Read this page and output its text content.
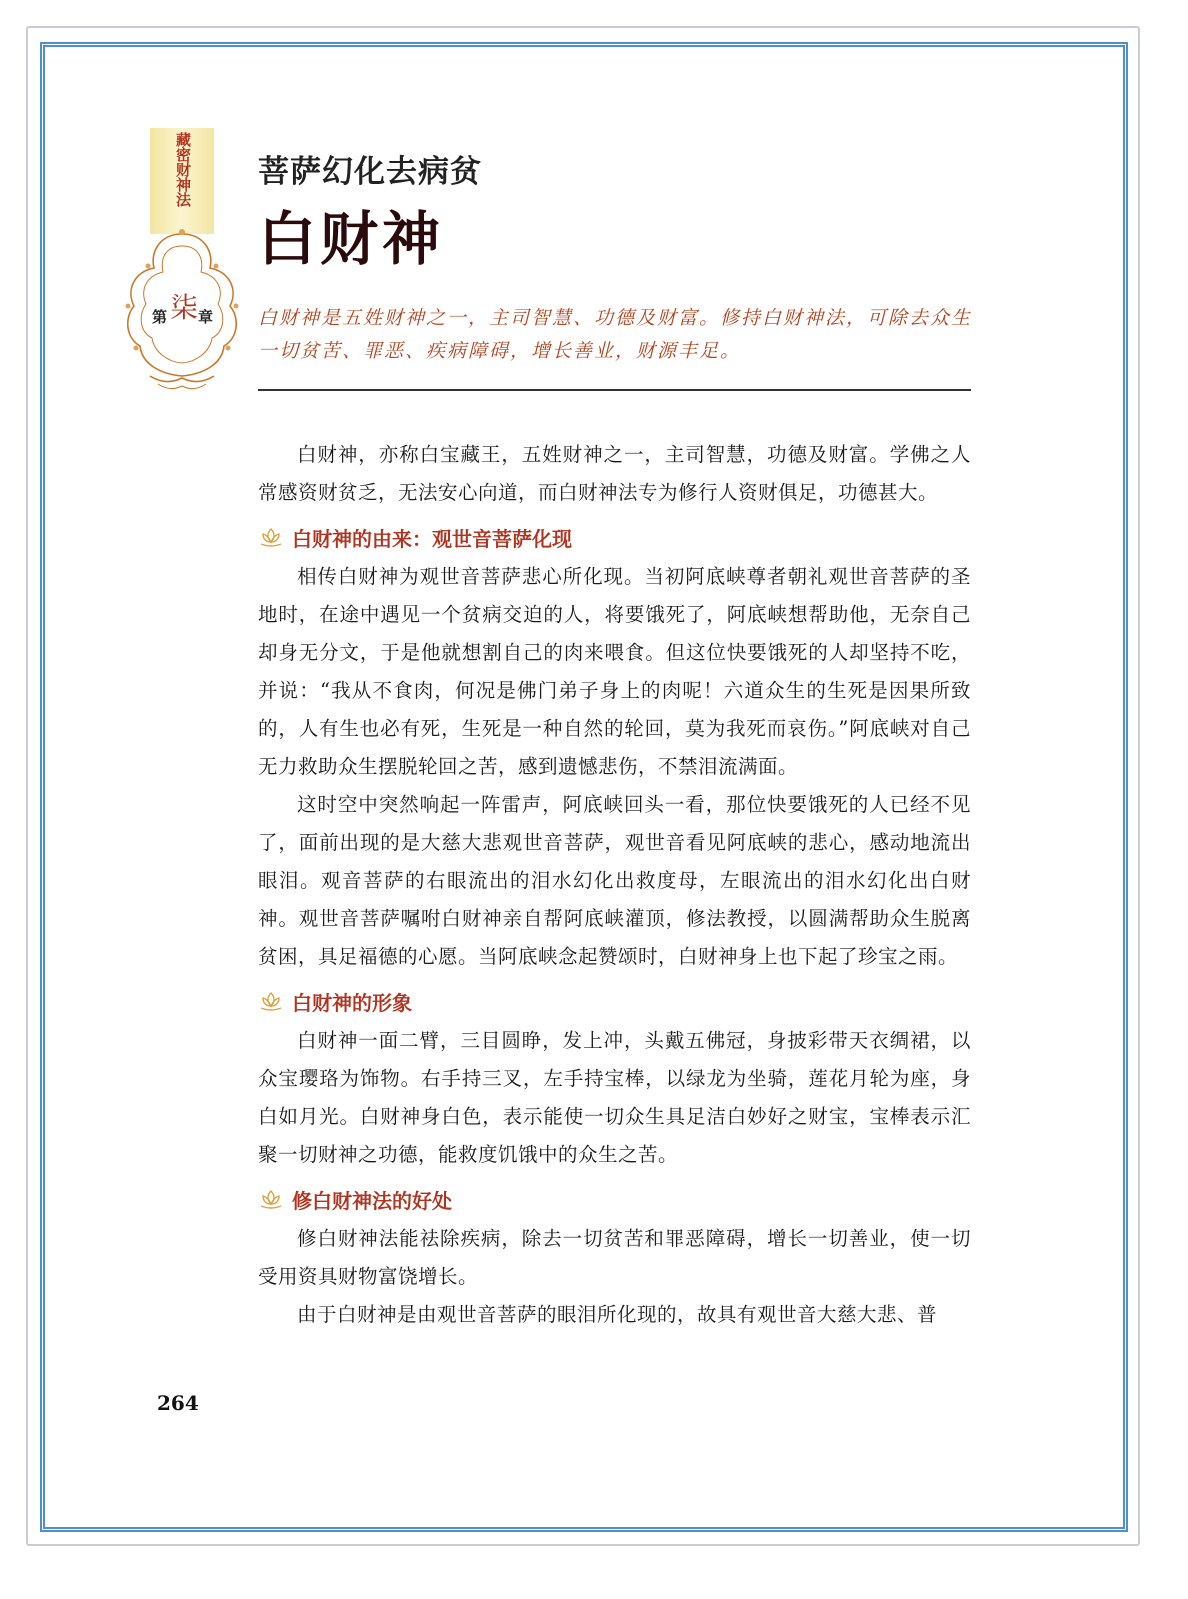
藏密财神法
第 柒 章
菩萨幻化去病贫
白财神

白财神是五姓财神之一，主司智慧、功德及财富。修持白财神法，可除去众生一切贫苦、罪恶、疾病障碍，增长善业，财源丰足。

白财神，亦称白宝藏王，五姓财神之一，主司智慧，功德及财富。学佛之人常感资财贫乏，无法安心向道，而白财神法专为修行人资财俱足，功德甚大。

白财神的由来：观世音菩萨化现

相传白财神为观世音菩萨悲心所化现。当初阿底峡尊者朝礼观世音菩萨的圣地时，在途中遇见一个贫病交迫的人，将要饿死了，阿底峡想帮助他，无奈自己却身无分文，于是他就想割自己的肉来喂食。但这位快要饿死的人却坚持不吃，并说：“我从不食肉，何况是佛门弟子身上的肉呢！六道众生的生死是因果所致的，人有生也必有死，生死是一种自然的轮回，莫为我死而哀伤。”阿底峡对自己无力救助众生摆脱轮回之苦，感到遗憾悲伤，不禁泪流满面。

这时空中突然响起一阵雷声，阿底峡回头一看，那位快要饿死的人已经不见了，面前出现的是大慈大悲观世音菩萨，观世音看见阿底峡的悲心，感动地流出眼泪。观音菩萨的右眼流出的泪水幻化出救度母，左眼流出的泪水幻化出白财神。观世音菩萨嘱咐白财神亲自帮阿底峡灌顶，修法教授，以圆满帮助众生脱离贫困，具足福德的心愿。当阿底峡念起赞颂时，白财神身上也下起了珍宝之雨。

白财神的形象

白财神一面二臂，三目圆睁，发上冲，头戴五佛冠，身披彩带天衣绸裙，以众宝璎珞为饰物。右手持三叉，左手持宝棒，以绿龙为坐骑，莲花月轮为座，身白如月光。白财神身白色，表示能使一切众生具足洁白妙好之财宝，宝棒表示汇聚一切财神之功德，能救度饥饿中的众生之苦。

修白财神法的好处

修白财神法能祛除疾病，除去一切贫苦和罪恶障碍，增长一切善业，使一切受用资具财物富饶增长。

由于白财神是由观世音菩萨的眼泪所化现的，故具有观世音大慈大悲、普

264
